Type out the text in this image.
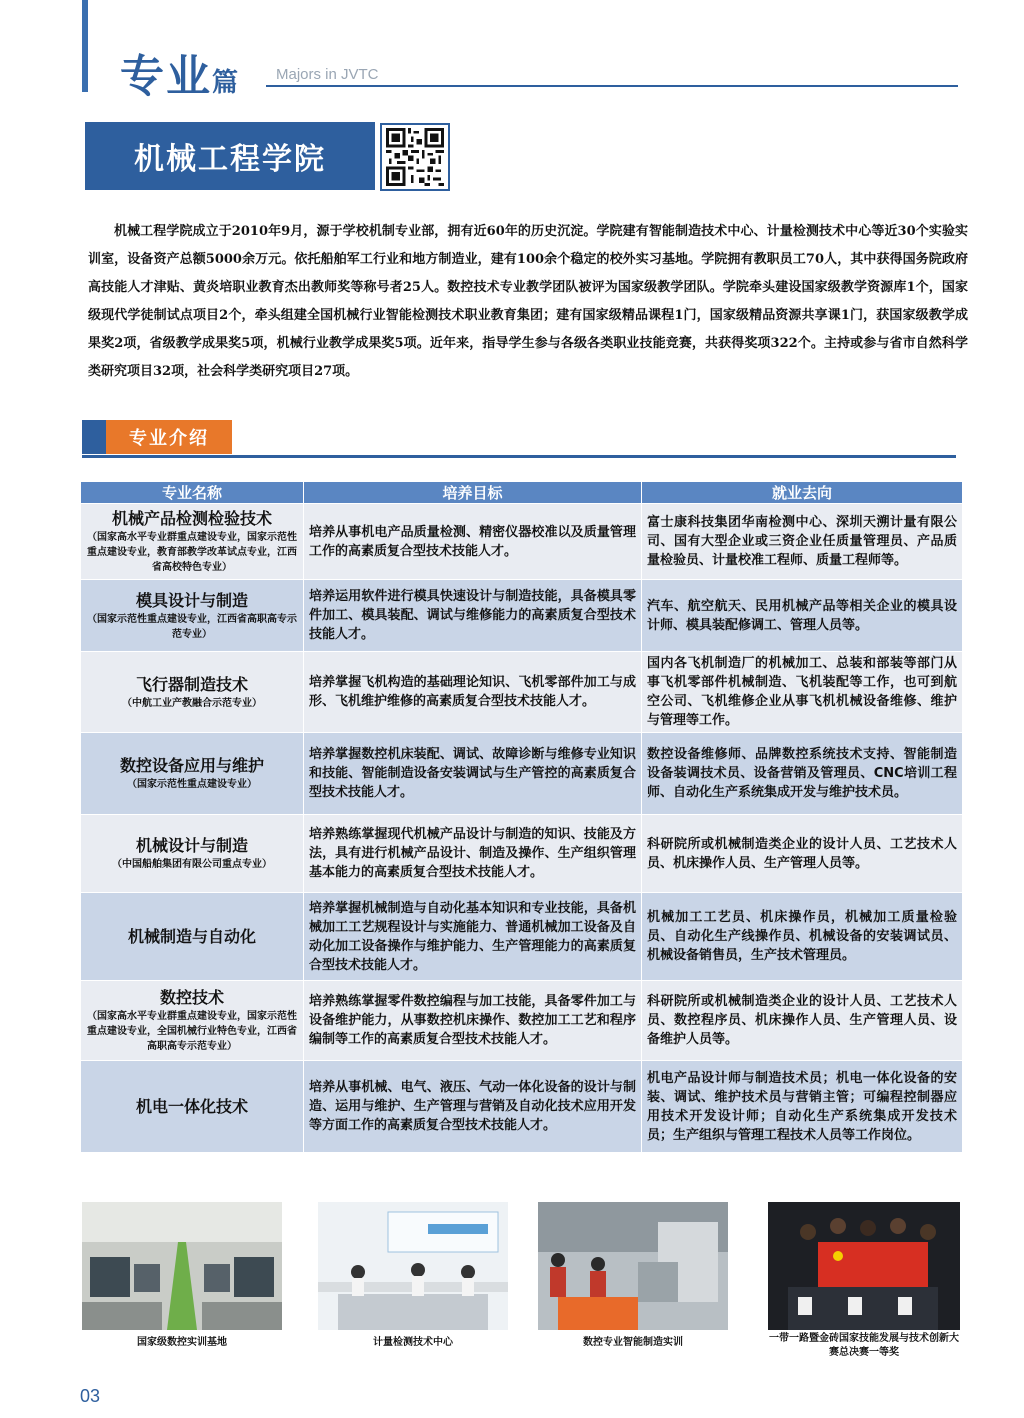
专业篇	Majors in JVTC
机械工程学院

机械工程学院成立于2010年9月，源于学校机制专业部，拥有近60年的历史沉淀。学院建有智能制造技术中心、计量检测技术中心等近30个实验实训室，设备资产总额5000余万元。依托船舶军工行业和地方制造业，建有100余个稳定的校外实习基地。学院拥有教职员工70人，其中获得国务院政府高技能人才津贴、黄炎培职业教育杰出教师奖等称号者25人。数控技术专业教学团队被评为国家级教学团队。学院牵头建设国家级教学资源库1个，国家级现代学徒制试点项目2个，牵头组建全国机械行业智能检测技术职业教育集团；建有国家级精品课程1门，国家级精品资源共享课1门，获国家级教学成果奖2项，省级教学成果奖5项，机械行业教学成果奖5项。近年来，指导学生参与各级各类职业技能竞赛，共获得奖项322个。主持或参与省市自然科学类研究项目32项，社会科学类研究项目27项。

专业介绍
专业名称	培养目标	就业去向

机械产品检测检验技术
（国家高水平专业群重点建设专业，国家示范性重点建设专业，教育部教学改革试点专业，江西省高校特色专业）	培养从事机电产品质量检测、精密仪器校准以及质量管理工作的高素质复合型技术技能人才。	富士康科技集团华南检测中心、深圳天溯计量有限公司、国有大型企业或三资企业任质量管理员、产品质量检验员、计量校准工程师、质量工程师等。

模具设计与制造
（国家示范性重点建设专业，江西省高职高专示范专业）	培养运用软件进行模具快速设计与制造技能，具备模具零件加工、模具装配、调试与维修能力的高素质复合型技术技能人才。	汽车、航空航天、民用机械产品等相关企业的模具设计师、模具装配修调工、管理人员等。

飞行器制造技术
（中航工业产教融合示范专业）	培养掌握飞机构造的基础理论知识、飞机零部件加工与成形、飞机维护维修的高素质复合型技术技能人才。	国内各飞机制造厂的机械加工、总装和部装等部门从事飞机零部件机械制造、飞机装配等工作，也可到航空公司、飞机维修企业从事飞机机械设备维修、维护与管理等工作。

数控设备应用与维护
（国家示范性重点建设专业）	培养掌握数控机床装配、调试、故障诊断与维修专业知识和技能、智能制造设备安装调试与生产管控的高素质复合型技术技能人才。	数控设备维修师、品牌数控系统技术支持、智能制造设备装调技术员、设备营销及管理员、CNC培训工程师、自动化生产系统集成开发与维护技术员。

机械设计与制造
（中国船舶集团有限公司重点专业）	培养熟练掌握现代机械产品设计与制造的知识、技能及方法，具有进行机械产品设计、制造及操作、生产组织管理基本能力的高素质复合型技术技能人才。	科研院所或机械制造类企业的设计人员、工艺技术人员、机床操作人员、生产管理人员等。

机械制造与自动化	培养掌握机械制造与自动化基本知识和专业技能，具备机械加工工艺规程设计与实施能力、普通机械加工设备及自动化加工设备操作与维护能力、生产管理能力的高素质复合型技术技能人才。	机械加工工艺员、机床操作员，机械加工质量检验员、自动化生产线操作员、机械设备的安装调试员、机械设备销售员，生产技术管理员。

数控技术
（国家高水平专业群重点建设专业，国家示范性重点建设专业，全国机械行业特色专业，江西省高职高专示范专业）	培养熟练掌握零件数控编程与加工技能，具备零件加工与设备维护能力，从事数控机床操作、数控加工工艺和程序编制等工作的高素质复合型技术技能人才。	科研院所或机械制造类企业的设计人员、工艺技术人员、数控程序员、机床操作人员、生产管理人员、设备维护人员等。

机电一体化技术	培养从事机械、电气、液压、气动一体化设备的设计与制造、运用与维护、生产管理与营销及自动化技术应用开发等方面工作的高素质复合型技术技能人才。	机电产品设计师与制造技术员；机电一体化设备的安装、调试、维护技术员与营销主管；可编程控制器应用技术开发设计师；自动化生产系统集成开发技术员；生产组织与管理工程技术人员等工作岗位。
国家级数控实训基地	计量检测技术中心	数控专业智能制造实训	一带一路暨金砖国家技能发展与技术创新大赛总决赛一等奖
03
